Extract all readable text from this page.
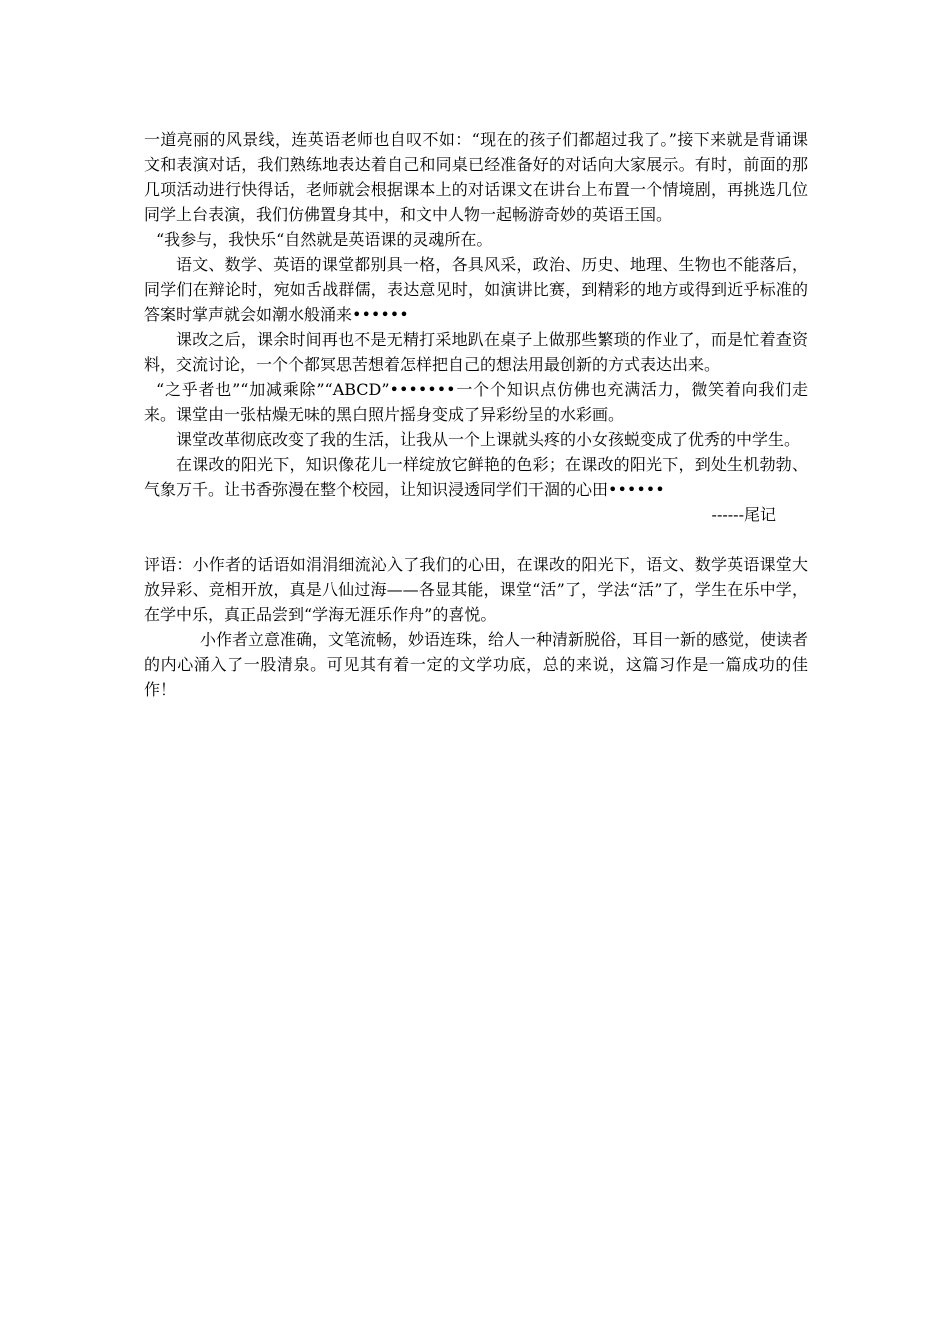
一道亮丽的风景线，连英语老师也自叹不如：“现在的孩子们都超过我了。”接下来就是背诵课文和表演对话，我们熟练地表达着自己和同桌已经准备好的对话向大家展示。有时，前面的那几项活动进行快得话，老师就会根据课本上的对话课文在讲台上布置一个情境剧，再挑选几位同学上台表演，我们仿佛置身其中，和文中人物一起畅游奇妙的英语王国。

“我参与，我快乐“自然就是英语课的灵魂所在。

语文、数学、英语的课堂都别具一格，各具风采，政治、历史、地理、生物也不能落后，同学们在辩论时，宛如舌战群儒，表达意见时，如演讲比赛，到精彩的地方或得到近乎标准的答案时掌声就会如潮水般涌来••••••

课改之后，课余时间再也不是无精打采地趴在桌子上做那些繁琐的作业了，而是忙着查资料，交流讨论，一个个都冥思苦想着怎样把自己的想法用最创新的方式表达出来。

“之乎者也”“加减乘除”“ABCD”•••••••一个个知识点仿佛也充满活力，微笑着向我们走来。课堂由一张枯燥无味的黑白照片摇身变成了异彩纷呈的水彩画。

课堂改革彻底改变了我的生活，让我从一个上课就头疼的小女孩蜕变成了优秀的中学生。

在课改的阳光下，知识像花儿一样绽放它鲜艳的色彩；在课改的阳光下，到处生机勃勃、气象万千。让书香弥漫在整个校园，让知识浸透同学们干涸的心田••••••

------尾记

评语：小作者的话语如涓涓细流沁入了我们的心田，在课改的阳光下，语文、数学英语课堂大放异彩、竞相开放，真是八仙过海——各显其能，课堂“活”了，学法“活”了，学生在乐中学，在学中乐，真正品尝到“学海无涯乐作舟”的喜悦。

小作者立意准确，文笔流畅，妙语连珠，给人一种清新脱俗，耳目一新的感觉，使读者的内心涌入了一股清泉。可见其有着一定的文学功底，总的来说，这篇习作是一篇成功的佳作！
